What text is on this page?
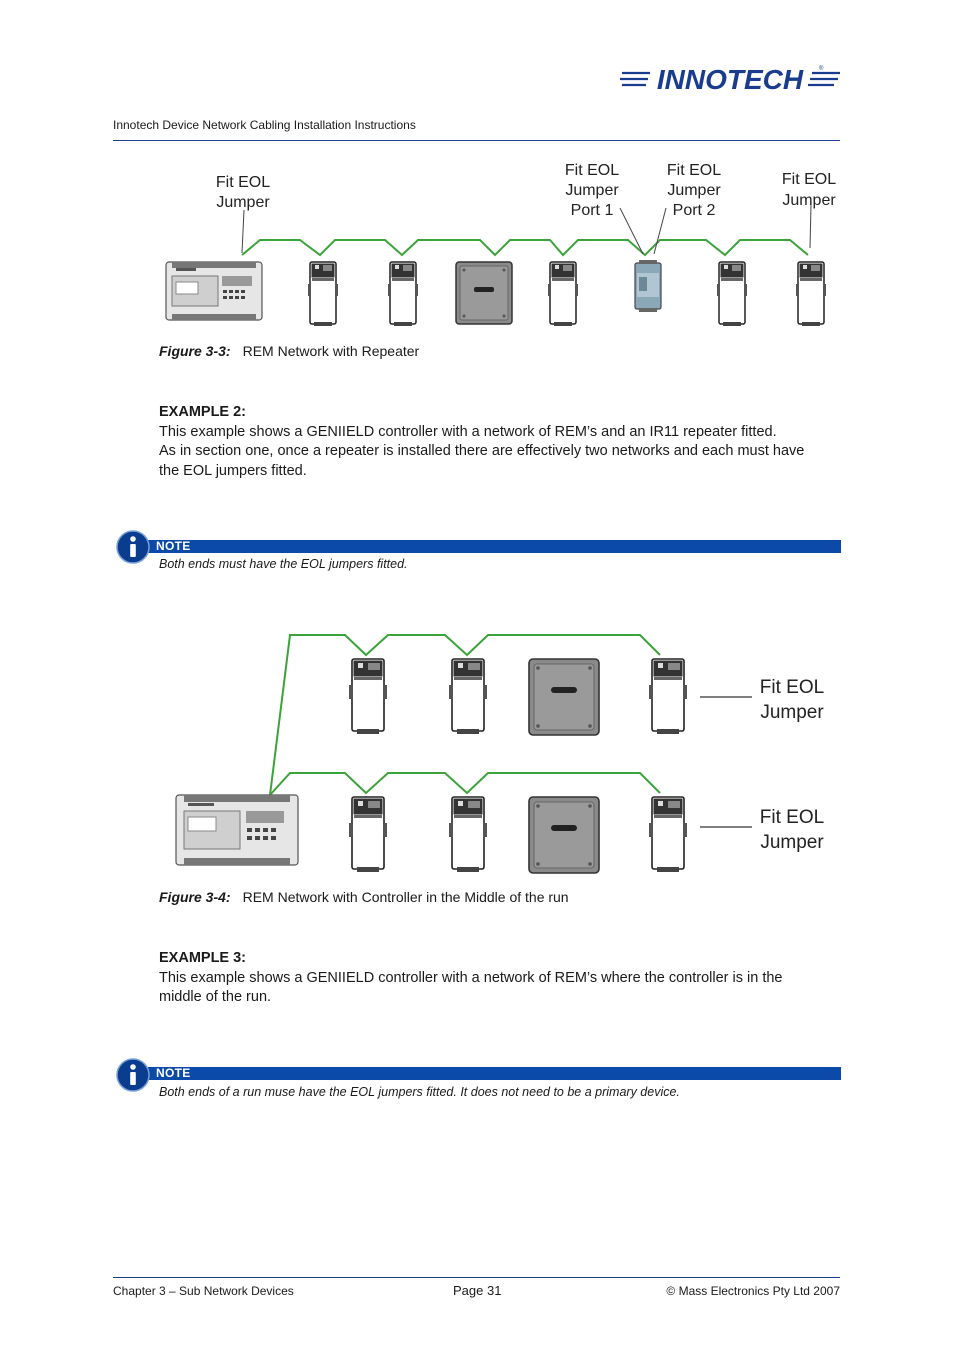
INNOTECH	®
Innotech Device Network Cabling Installation Instructions
Fit EOL
Jumper
Fit EOL
Jumper
Port 1
Fit EOL
Jumper
Port 2
Fit EOL
Jumper
Figure 3-3: REM Network with Repeater
EXAMPLE 2:
This example shows a GENIIELD controller with a network of REM’s and an IR11 repeater fitted.
As in section one, once a repeater is installed there are effectively two networks and each must have
the EOL jumpers fitted.
NOTE
Both ends must have the EOL jumpers fitted.
Fit EOL
Jumper
Fit EOL
Jumper
Figure 3-4: REM Network with Controller in the Middle of the run
EXAMPLE 3:
This example shows a GENIIELD controller with a network of REM’s where the controller is in the
middle of the run.
NOTE
Both ends of a run muse have the EOL jumpers fitted. It does not need to be a primary device.
Chapter 3 – Sub Network Devices	Page 31	© Mass Electronics Pty Ltd 2007
